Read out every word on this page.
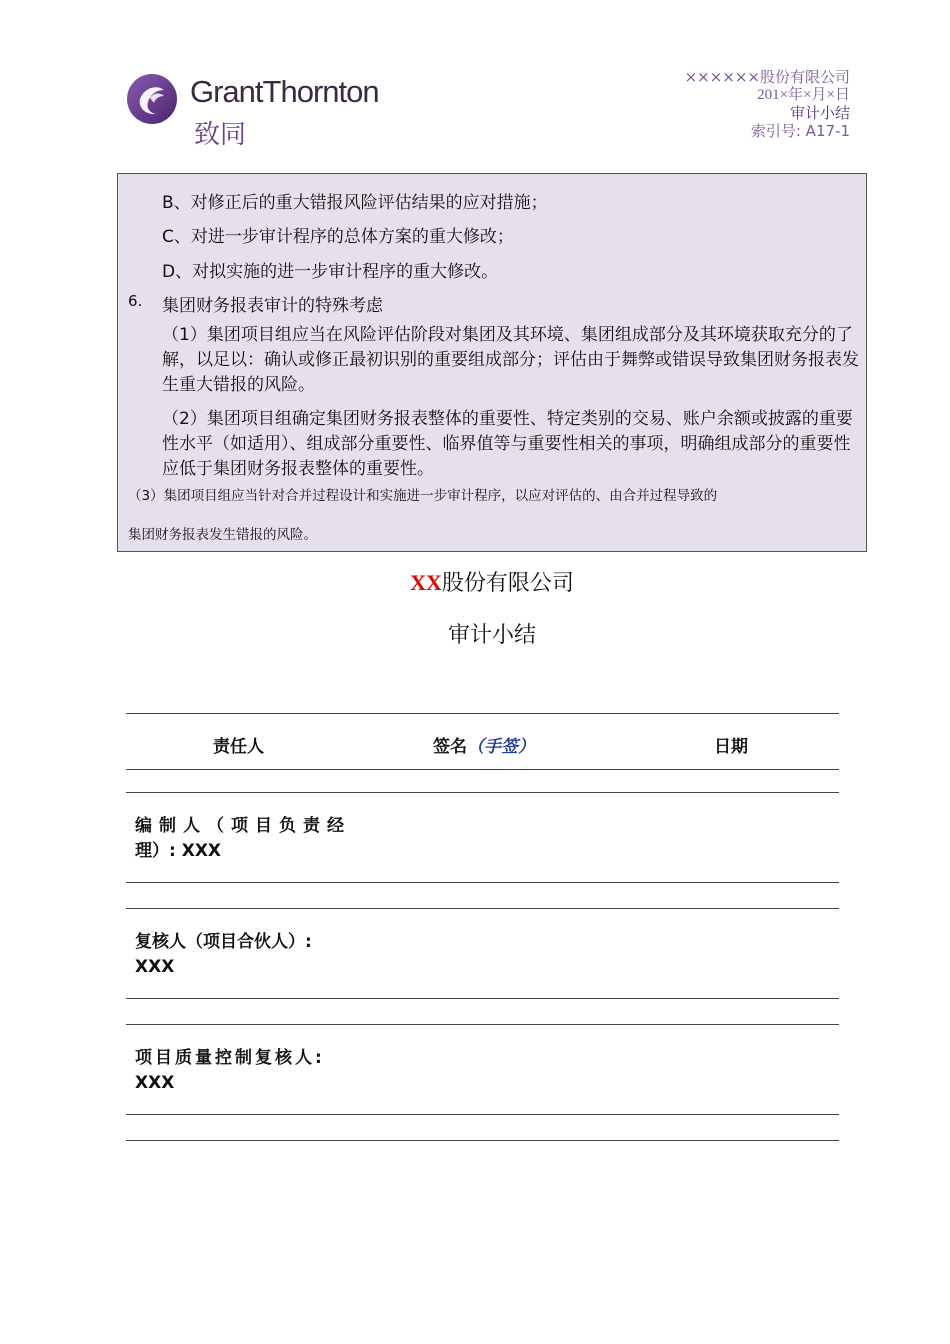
GrantThornton
致同
××××××股份有限公司
201×年×月×日
审计小结
索引号: A17-1
B、对修正后的重大错报风险评估结果的应对措施；
C、对进一步审计程序的总体方案的重大修改；
D、对拟实施的进一步审计程序的重大修改。
6. 集团财务报表审计的特殊考虑
（1）集团项目组应当在风险评估阶段对集团及其环境、集团组成部分及其环境获取充分的了解，以足以：确认或修正最初识别的重要组成部分；评估由于舞弊或错误导致集团财务报表发生重大错报的风险。
（2）集团项目组确定集团财务报表整体的重要性、特定类别的交易、账户余额或披露的重要性水平（如适用）、组成部分重要性、临界值等与重要性相关的事项，明确组成部分的重要性应低于集团财务报表整体的重要性。
（3）集团项目组应当针对合并过程设计和实施进一步审计程序，以应对评估的、由合并过程导致的
集团财务报表发生错报的风险。
XX股份有限公司
审计小结
责任人	签名（手签）	日期
编制人（项目负责经
理）: XXX
复核人（项目合伙人）:
XXX
项目质量控制复核人:
XXX
